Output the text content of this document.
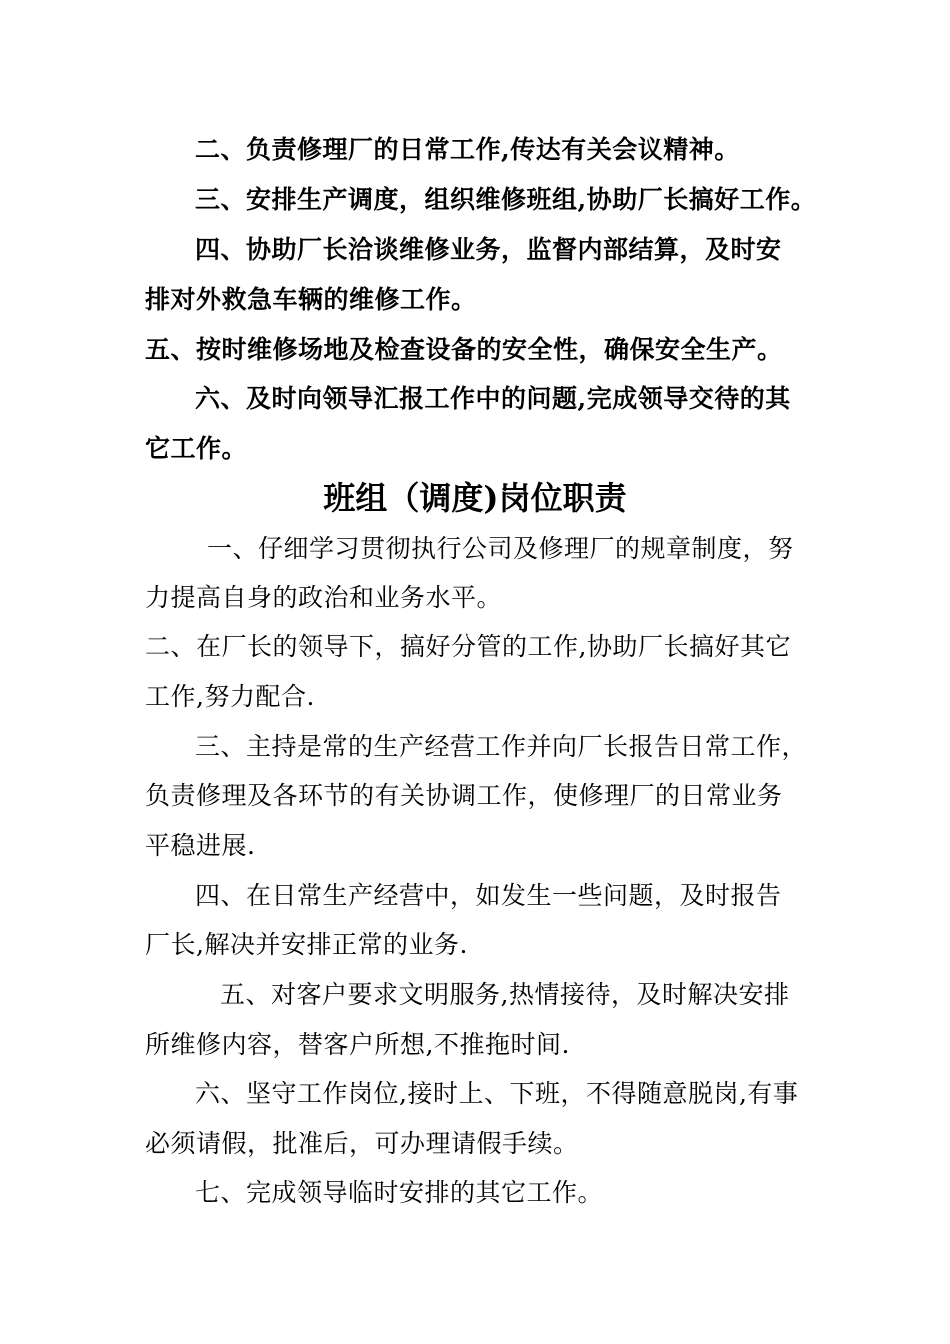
二、负责修理厂的日常工作,传达有关会议精神。
三、安排生产调度，组织维修班组,协助厂长搞好工作。
四、协助厂长洽谈维修业务，监督内部结算，及时安
排对外救急车辆的维修工作。
五、按时维修场地及检查设备的安全性，确保安全生产。
六、及时向领导汇报工作中的问题,完成领导交待的其
它工作。
班组（调度)岗位职责
一、仔细学习贯彻执行公司及修理厂的规章制度，努
力提高自身的政治和业务水平。
二、在厂长的领导下，搞好分管的工作,协助厂长搞好其它
工作,努力配合.
三、主持是常的生产经营工作并向厂长报告日常工作，
负责修理及各环节的有关协调工作，使修理厂的日常业务
平稳进展.
四、在日常生产经营中，如发生一些问题，及时报告
厂长,解决并安排正常的业务.
五、对客户要求文明服务,热情接待，及时解决安排
所维修内容，替客户所想,不推拖时间.
六、坚守工作岗位,接时上、下班，不得随意脱岗,有事
必须请假，批准后，可办理请假手续。
七、完成领导临时安排的其它工作。
